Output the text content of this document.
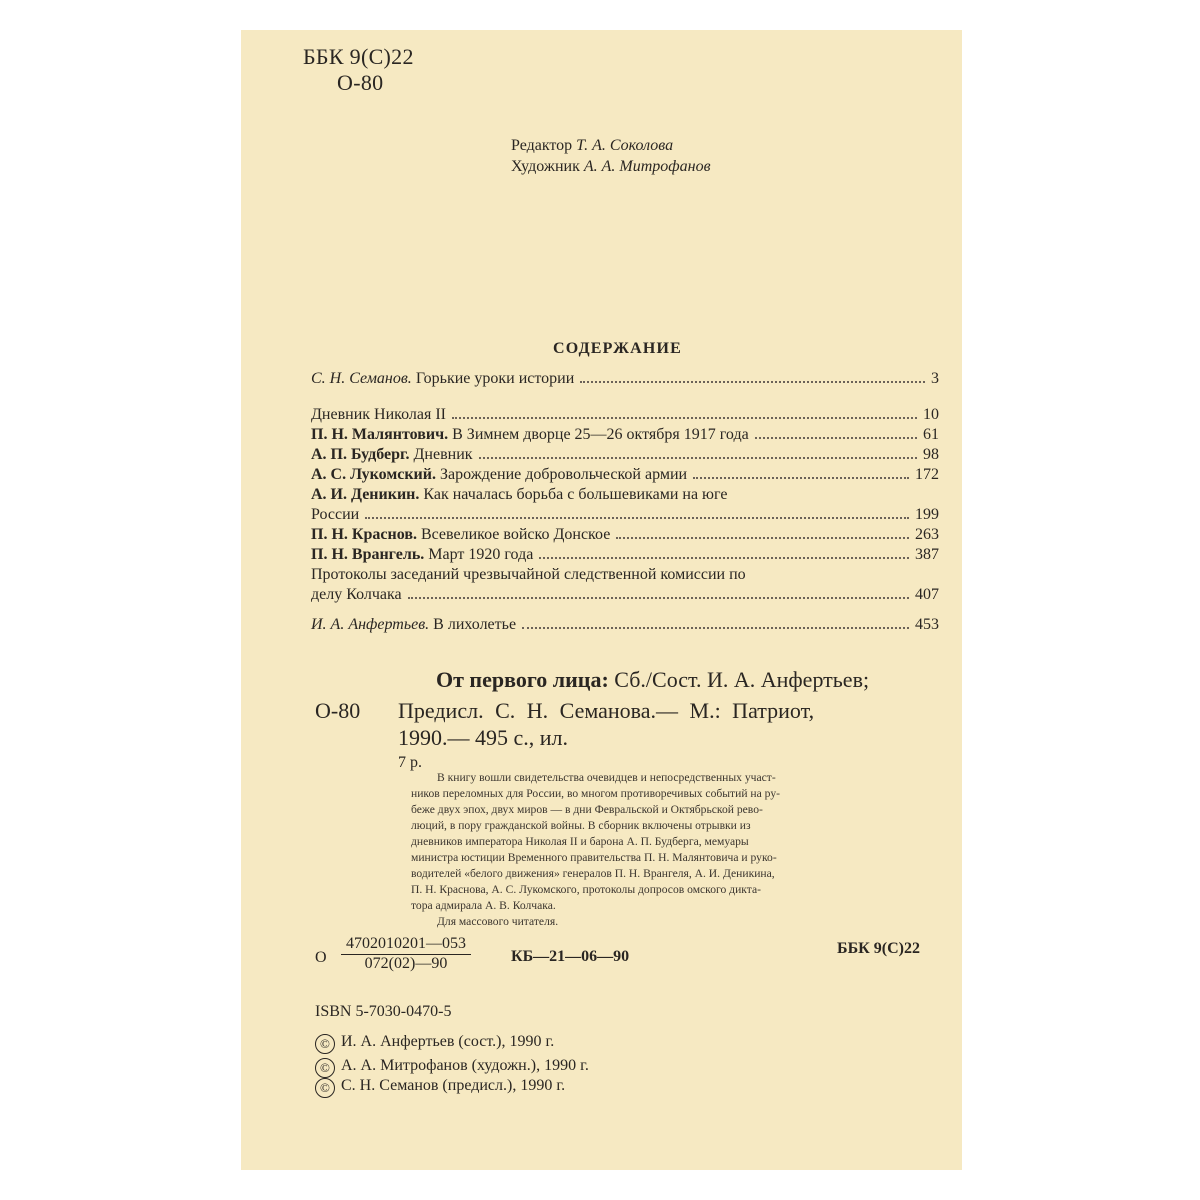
ББК 9(С)22
О-80
Редактор Т. А. Соколова
Художник А. А. Митрофанов
СОДЕРЖАНИЕ
С. Н. Семанов. Горькие уроки истории	3
Дневник Николая II	10
П. Н. Малянтович. В Зимнем дворце 25—26 октября 1917 года	61
А. П. Будберг. Дневник	98
А. С. Лукомский. Зарождение добровольческой армии	172
А. И. Деникин. Как началась борьба с большевиками на юге
России	199
П. Н. Краснов. Всевеликое войско Донское	263
П. Н. Врангель. Март 1920 года	387
Протоколы заседаний чрезвычайной следственной комиссии по
делу Колчака	407
И. А. Анфертьев. В лихолетье	453
О-80
От первого лица: Сб./Сост. И. А. Анфертьев;
Предисл. С. Н. Семанова.— М.: Патриот,
1990.— 495 с., ил.
7 р.
В книгу вошли свидетельства очевидцев и непосредственных участ-
ников переломных для России, во многом противоречивых событий на ру-
беже двух эпох, двух миров — в дни Февральской и Октябрьской рево-
люций, в пору гражданской войны. В сборник включены отрывки из
дневников императора Николая II и барона А. П. Будберга, мемуары
министра юстиции Временного правительства П. Н. Малянтовича и руко-
водителей «белого движения» генералов П. Н. Врангеля, А. И. Деникина,
П. Н. Краснова, А. С. Лукомского, протоколы допросов омского дикта-
тора адмирала А. В. Колчака.
Для массового читателя.
О $\frac{4702010201—053}{072(02)—90}$	КБ—21—06—90	ББК 9(С)22
ISBN 5-7030-0470-5
© И. А. Анфертьев (сост.), 1990 г.
© А. А. Митрофанов (художн.), 1990 г.
© С. Н. Семанов (предисл.), 1990 г.
